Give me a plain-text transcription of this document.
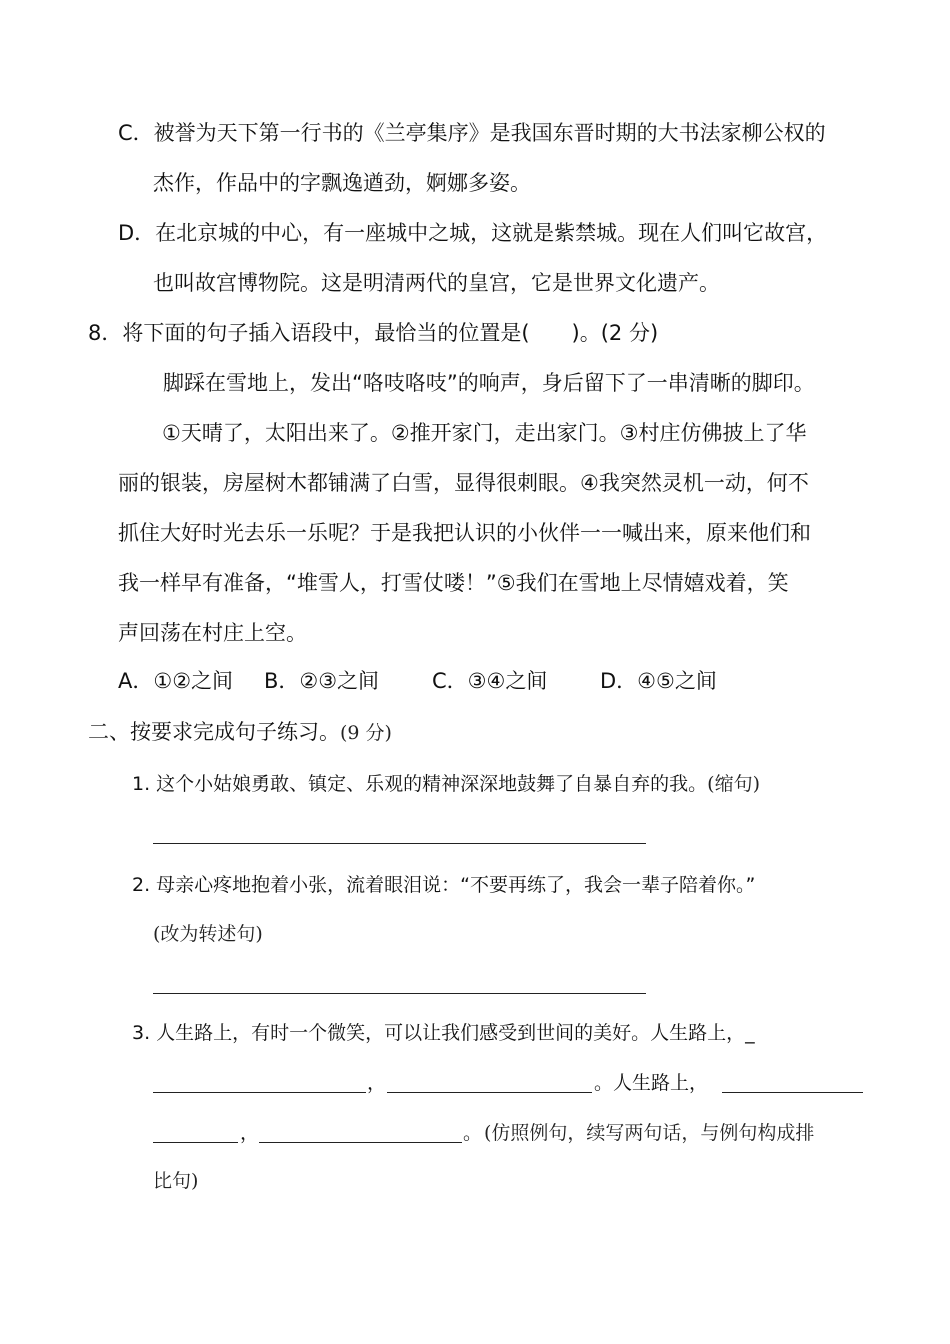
C．被誉为天下第一行书的《兰亭集序》是我国东晋时期的大书法家柳公权的
杰作，作品中的字飘逸遒劲，婀娜多姿。
D．在北京城的中心，有一座城中之城，这就是紫禁城。现在人们叫它故宫，
也叫故宫博物院。这是明清两代的皇宫，它是世界文化遗产。
8．将下面的句子插入语段中，最恰当的位置是(　　)。(2 分)
脚踩在雪地上，发出“咯吱咯吱”的响声，身后留下了一串清晰的脚印。
①天晴了，太阳出来了。②推开家门，走出家门。③村庄仿佛披上了华
丽的银装，房屋树木都铺满了白雪，显得很刺眼。④我突然灵机一动，何不
抓住大好时光去乐一乐呢？于是我把认识的小伙伴一一喊出来，原来他们和
我一样早有准备，“堆雪人，打雪仗喽！”⑤我们在雪地上尽情嬉戏着，笑
声回荡在村庄上空。
A．①②之间 B．②③之间	C．③④之间	D．④⑤之间
二、按要求完成句子练习。(9 分)
1. 这个小姑娘勇敢、镇定、乐观的精神深深地鼓舞了自暴自弃的我。(缩句)
2. 母亲心疼地抱着小张，流着眼泪说：“不要再练了，我会一辈子陪着你。”
(改为转述句)
3. 人生路上，有时一个微笑，可以让我们感受到世间的美好。人生路上，_
，	。人生路上，
，	。 (仿照例句，续写两句话，与例句构成排
比句)
